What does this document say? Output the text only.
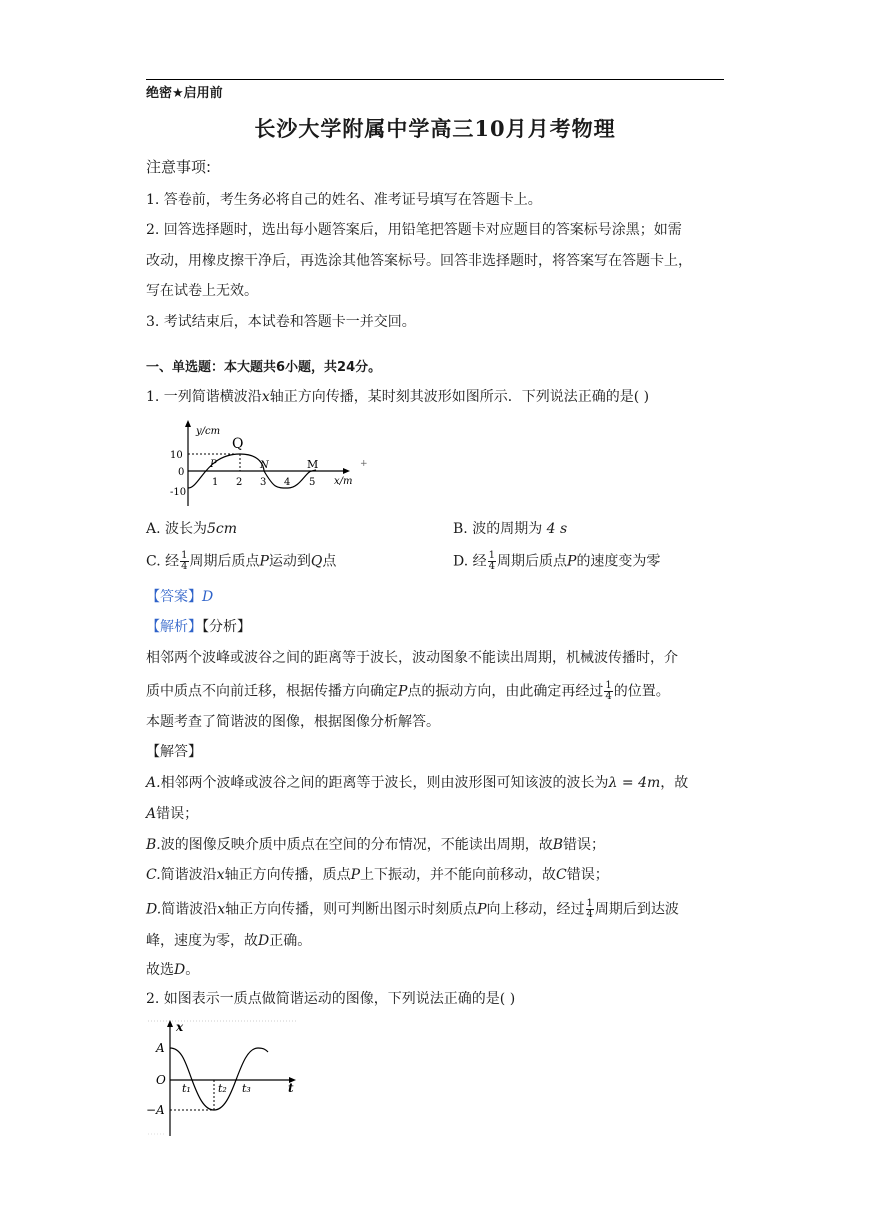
绝密★启用前
长沙大学附属中学高三10月月考物理
注意事项:
1. 答卷前，考生务必将自己的姓名、准考证号填写在答题卡上。
2. 回答选择题时，选出每小题答案后，用铅笔把答题卡对应题目的答案标号涂黑；如需
改动，用橡皮擦干净后，再选涂其他答案标号。回答非选择题时，将答案写在答题卡上，
写在试卷上无效。
3. 考试结束后，本试卷和答题卡一并交回。
一、单选题：本大题共6小题，共24分。
1. 一列简谐横波沿x轴正方向传播，某时刻其波形如图所示．下列说法正确的是( )
y/cm
x/m
10
0
-10
1 2 3 4 5
P
Q
N	M	+
A. 波长为5cm	B. 波的周期为 4 s
C. 经 $\frac{1}{4}$ 周期后质点P运动到Q点	D. 经 $\frac{1}{4}$ 周期后质点P的速度变为零
【答案】D
【解析】【分析】
相邻两个波峰或波谷之间的距离等于波长，波动图象不能读出周期，机械波传播时，介
质中质点不向前迁移，根据传播方向确定P点的振动方向，由此确定再经过 $\frac{1}{4}$ 的位置。
本题考查了简谐波的图像，根据图像分析解答。
【解答】
A.相邻两个波峰或波谷之间的距离等于波长，则由波形图可知该波的波长为λ = 4m，故
A错误；
B.波的图像反映介质中质点在空间的分布情况，不能读出周期，故B错误；
C.简谐波沿x轴正方向传播，质点P上下振动，并不能向前移动，故C错误；
D.简谐波沿x轴正方向传播，则可判断出图示时刻质点P向上移动，经过 $\frac{1}{4}$ 周期后到达波
峰，速度为零，故D正确。
故选D。
2. 如图表示一质点做简谐运动的图像，下列说法正确的是( )
x
t
A
O
−A
t₁ t₂ t₃
